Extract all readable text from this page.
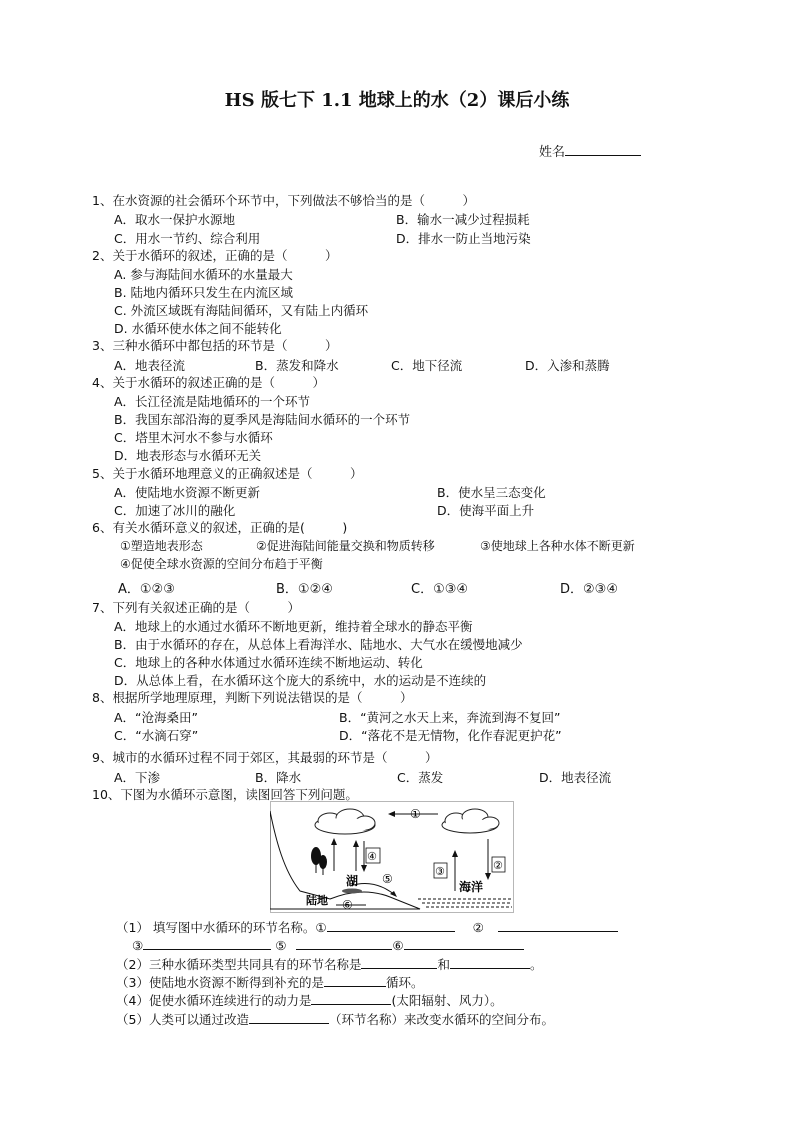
HS 版七下 1.1 地球上的水（2）课后小练
姓名
1、在水资源的社会循环个环节中，下列做法不够恰当的是（　　　）
A．取水一保护水源地	B．输水一减少过程损耗
C．用水一节约、综合利用	D．排水一防止当地污染
2、关于水循环的叙述，正确的是（　　　）
A. 参与海陆间水循环的水量最大
B. 陆地内循环只发生在内流区域
C. 外流区域既有海陆间循环，又有陆上内循环
D. 水循环使水体之间不能转化
3、三种水循环中都包括的环节是（　　　）
A．地表径流	B．蒸发和降水	C．地下径流	D．入渗和蒸腾
4、关于水循环的叙述正确的是（　　　）
A．长江径流是陆地循环的一个环节
B．我国东部沿海的夏季风是海陆间水循环的一个环节
C．塔里木河水不参与水循环
D．地表形态与水循环无关
5、关于水循环地理意义的正确叙述是（　　　）
A．使陆地水资源不断更新	B．使水呈三态变化
C．加速了冰川的融化	D．使海平面上升
6、有关水循环意义的叙述，正确的是(　　　)
①塑造地表形态	②促进海陆间能量交换和物质转移	③使地球上各种水体不断更新
④促使全球水资源的空间分布趋于平衡
A．①②③	B．①②④	C．①③④	D．②③④
7、下列有关叙述正确的是（　　　）
A．地球上的水通过水循环不断地更新，维持着全球水的静态平衡
B．由于水循环的存在，从总体上看海洋水、陆地水、大气水在缓慢地减少
C．地球上的各种水体通过水循环连续不断地运动、转化
D．从总体上看，在水循环这个庞大的系统中，水的运动是不连续的
8、根据所学地理原理，判断下列说法错误的是（　　　）
A．“沧海桑田”	B．“黄河之水天上来，奔流到海不复回”
C．“水滴石穿”	D．“落花不是无情物，化作春泥更护花”
9、城市的水循环过程不同于郊区，其最弱的环节是（　　　）
A．下渗	B．降水	C．蒸发	D．地表径流
10、下图为水循环示意图，读图回答下列问题。
①
④
湖 ⑤
陆地 ⑥
③	②
海洋
（1） 填写图中水循环的环节名称。①	②
③	⑤	⑥
（2）三种水循环类型共同具有的环节名称是	和	。
（3）使陆地水资源不断得到补充的是	循环。
（4）促使水循环连续进行的动力是	(太阳辐射、风力）。
（5）人类可以通过改造	（环节名称）来改变水循环的空间分布。
